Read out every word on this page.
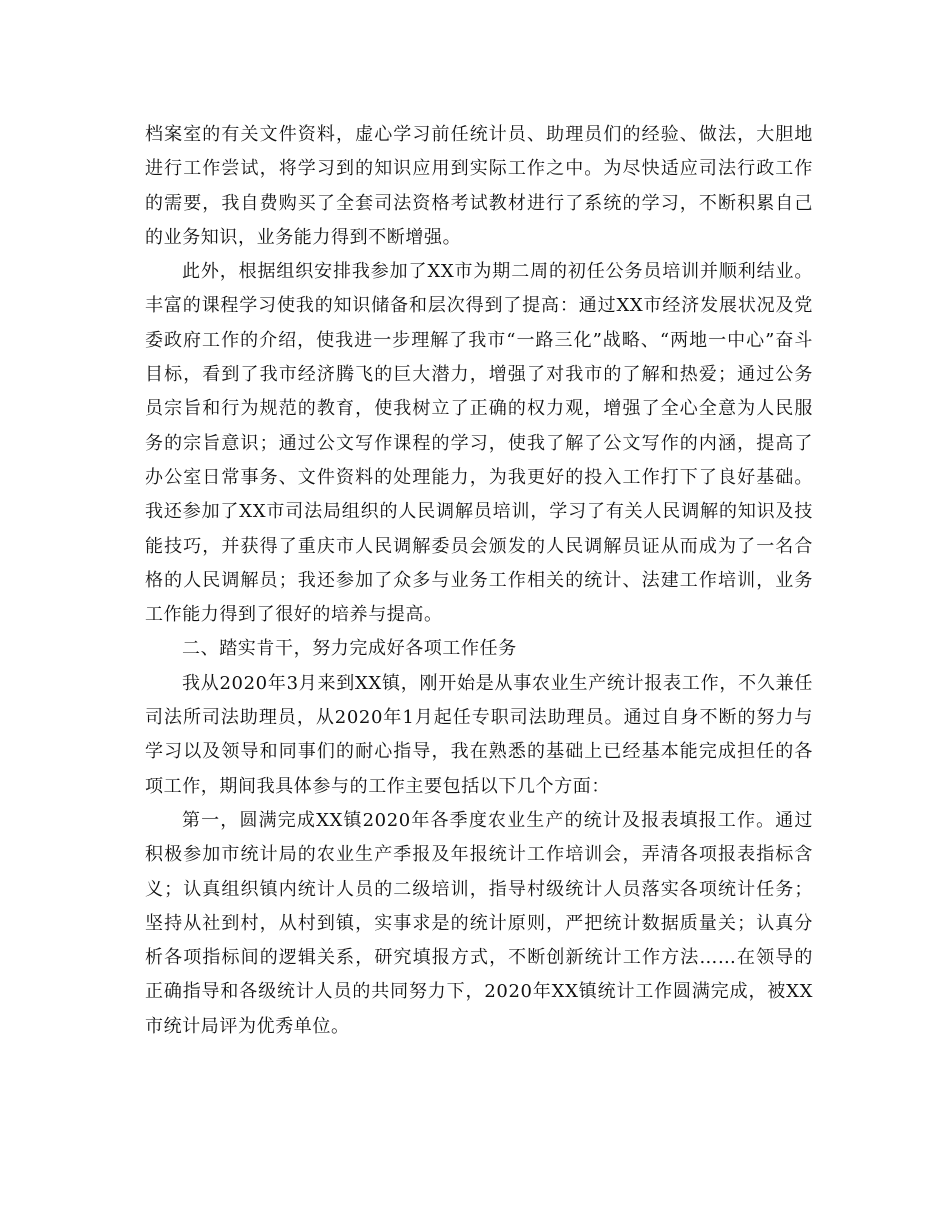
档案室的有关文件资料，虚心学习前任统计员、助理员们的经验、做法，大胆地进行工作尝试，将学习到的知识应用到实际工作之中。为尽快适应司法行政工作的需要，我自费购买了全套司法资格考试教材进行了系统的学习，不断积累自己的业务知识，业务能力得到不断增强。

此外，根据组织安排我参加了XX市为期二周的初任公务员培训并顺利结业。丰富的课程学习使我的知识储备和层次得到了提高：通过XX市经济发展状况及党委政府工作的介绍，使我进一步理解了我市“一路三化”战略、“两地一中心”奋斗目标，看到了我市经济腾飞的巨大潜力，增强了对我市的了解和热爱；通过公务员宗旨和行为规范的教育，使我树立了正确的权力观，增强了全心全意为人民服务的宗旨意识；通过公文写作课程的学习，使我了解了公文写作的内涵，提高了办公室日常事务、文件资料的处理能力，为我更好的投入工作打下了良好基础。我还参加了XX市司法局组织的人民调解员培训，学习了有关人民调解的知识及技能技巧，并获得了重庆市人民调解委员会颁发的人民调解员证从而成为了一名合格的人民调解员；我还参加了众多与业务工作相关的统计、法建工作培训，业务工作能力得到了很好的培养与提高。

二、踏实肯干，努力完成好各项工作任务

我从2020年3月来到XX镇，刚开始是从事农业生产统计报表工作，不久兼任司法所司法助理员，从2020年1月起任专职司法助理员。通过自身不断的努力与学习以及领导和同事们的耐心指导，我在熟悉的基础上已经基本能完成担任的各项工作，期间我具体参与的工作主要包括以下几个方面：

第一，圆满完成XX镇2020年各季度农业生产的统计及报表填报工作。通过积极参加市统计局的农业生产季报及年报统计工作培训会，弄清各项报表指标含义；认真组织镇内统计人员的二级培训，指导村级统计人员落实各项统计任务；坚持从社到村，从村到镇，实事求是的统计原则，严把统计数据质量关；认真分析各项指标间的逻辑关系，研究填报方式，不断创新统计工作方法……在领导的正确指导和各级统计人员的共同努力下，2020年XX镇统计工作圆满完成，被XX市统计局评为优秀单位。
